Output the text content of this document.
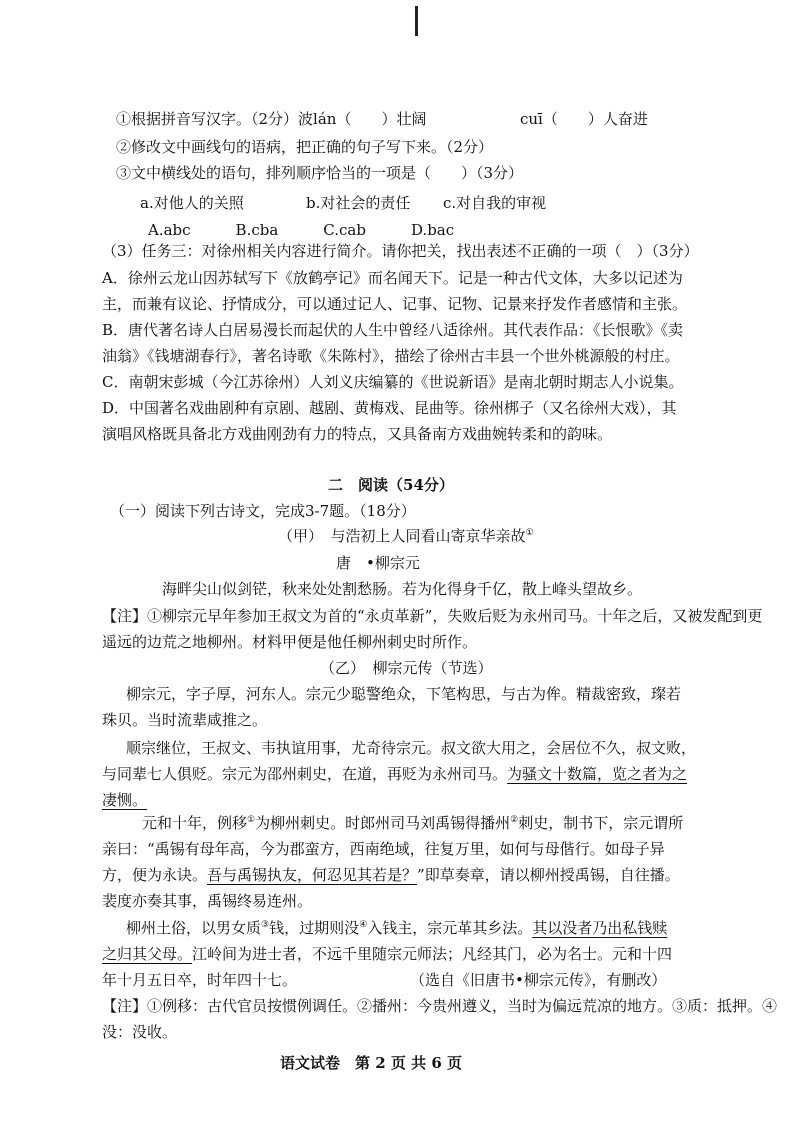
①根据拼音写汉字。（2分）波lán（　　）壮阔	cuī（　　）人奋进
②修改文中画线句的语病，把正确的句子写下来。（2分）
③文中横线处的语句，排列顺序恰当的一项是（　　）（3分）
a.对他人的关照	b.对社会的责任 c.对自我的审视
A.abc　　　B.cba　　　C.cab　　　D.bac
（3）任务三：对徐州相关内容进行简介。请你把关，找出表述不正确的一项（　）（3分）
A．徐州云龙山因苏轼写下《放鹤亭记》而名闻天下。记是一种古代文体，大多以记述为
主，而兼有议论、抒情成分，可以通过记人、记事、记物、记景来抒发作者感情和主张。
B．唐代著名诗人白居易漫长而起伏的人生中曾经八适徐州。其代表作品：《长恨歌》《卖
油翁》《钱塘湖春行》，著名诗歌《朱陈村》，描绘了徐州古丰县一个世外桃源般的村庄。
C．南朝宋彭城（今江苏徐州）人刘义庆编纂的《世说新语》是南北朝时期志人小说集。
D．中国著名戏曲剧种有京剧、越剧、黄梅戏、昆曲等。徐州梆子（又名徐州大戏），其
演唱风格既具备北方戏曲刚劲有力的特点，又具备南方戏曲婉转柔和的韵味。
二　阅读（54分）
（一）阅读下列古诗文，完成3-7题。（18分）
（甲）　与浩初上人同看山寄京华亲故①
唐　•柳宗元
海畔尖山似剑铓，秋来处处割愁肠。若为化得身千亿，散上峰头望故乡。
【注】①柳宗元早年参加王叔文为首的“永贞革新”，失败后贬为永州司马。十年之后，又被发配到更
遥远的边荒之地柳州。材料甲便是他任柳州刺史时所作。
（乙）　柳宗元传（节选）
柳宗元，字子厚，河东人。宗元少聪警绝众，下笔构思，与古为侔。精裁密致，璨若
珠贝。当时流辈咸推之。
顺宗继位，王叔文、韦执谊用事，尤奇待宗元。叔文欲大用之，会居位不久，叔文败，
与同辈七人俱贬。宗元为邵州刺史，在道，再贬为永州司马。为骚文十数篇，览之者为之
凄恻。
元和十年，例移①为柳州刺史。时郎州司马刘禹锡得播州②刺史，制书下，宗元谓所
亲曰：“禹锡有母年高，今为郡蛮方，西南绝域，往复万里，如何与母偕行。如母子异
方，便为永诀。吾与禹锡执友，何忍见其若是？”即草奏章，请以柳州授禹锡，自往播。
裴度亦奏其事，禹锡终易连州。
柳州土俗，以男女质③钱，过期则没④入钱主，宗元革其乡法。其以没者乃出私钱赎
之归其父母。江岭间为进士者，不远千里随宗元师法；凡经其门，必为名士。元和十四
年十月五日卒，时年四十七。	（选自《旧唐书•柳宗元传》，有删改）
【注】①例移：古代官员按惯例调任。②播州：今贵州遵义，当时为偏远荒凉的地方。③质：抵押。④
没：没收。
语文试卷　第 2 页 共 6 页
